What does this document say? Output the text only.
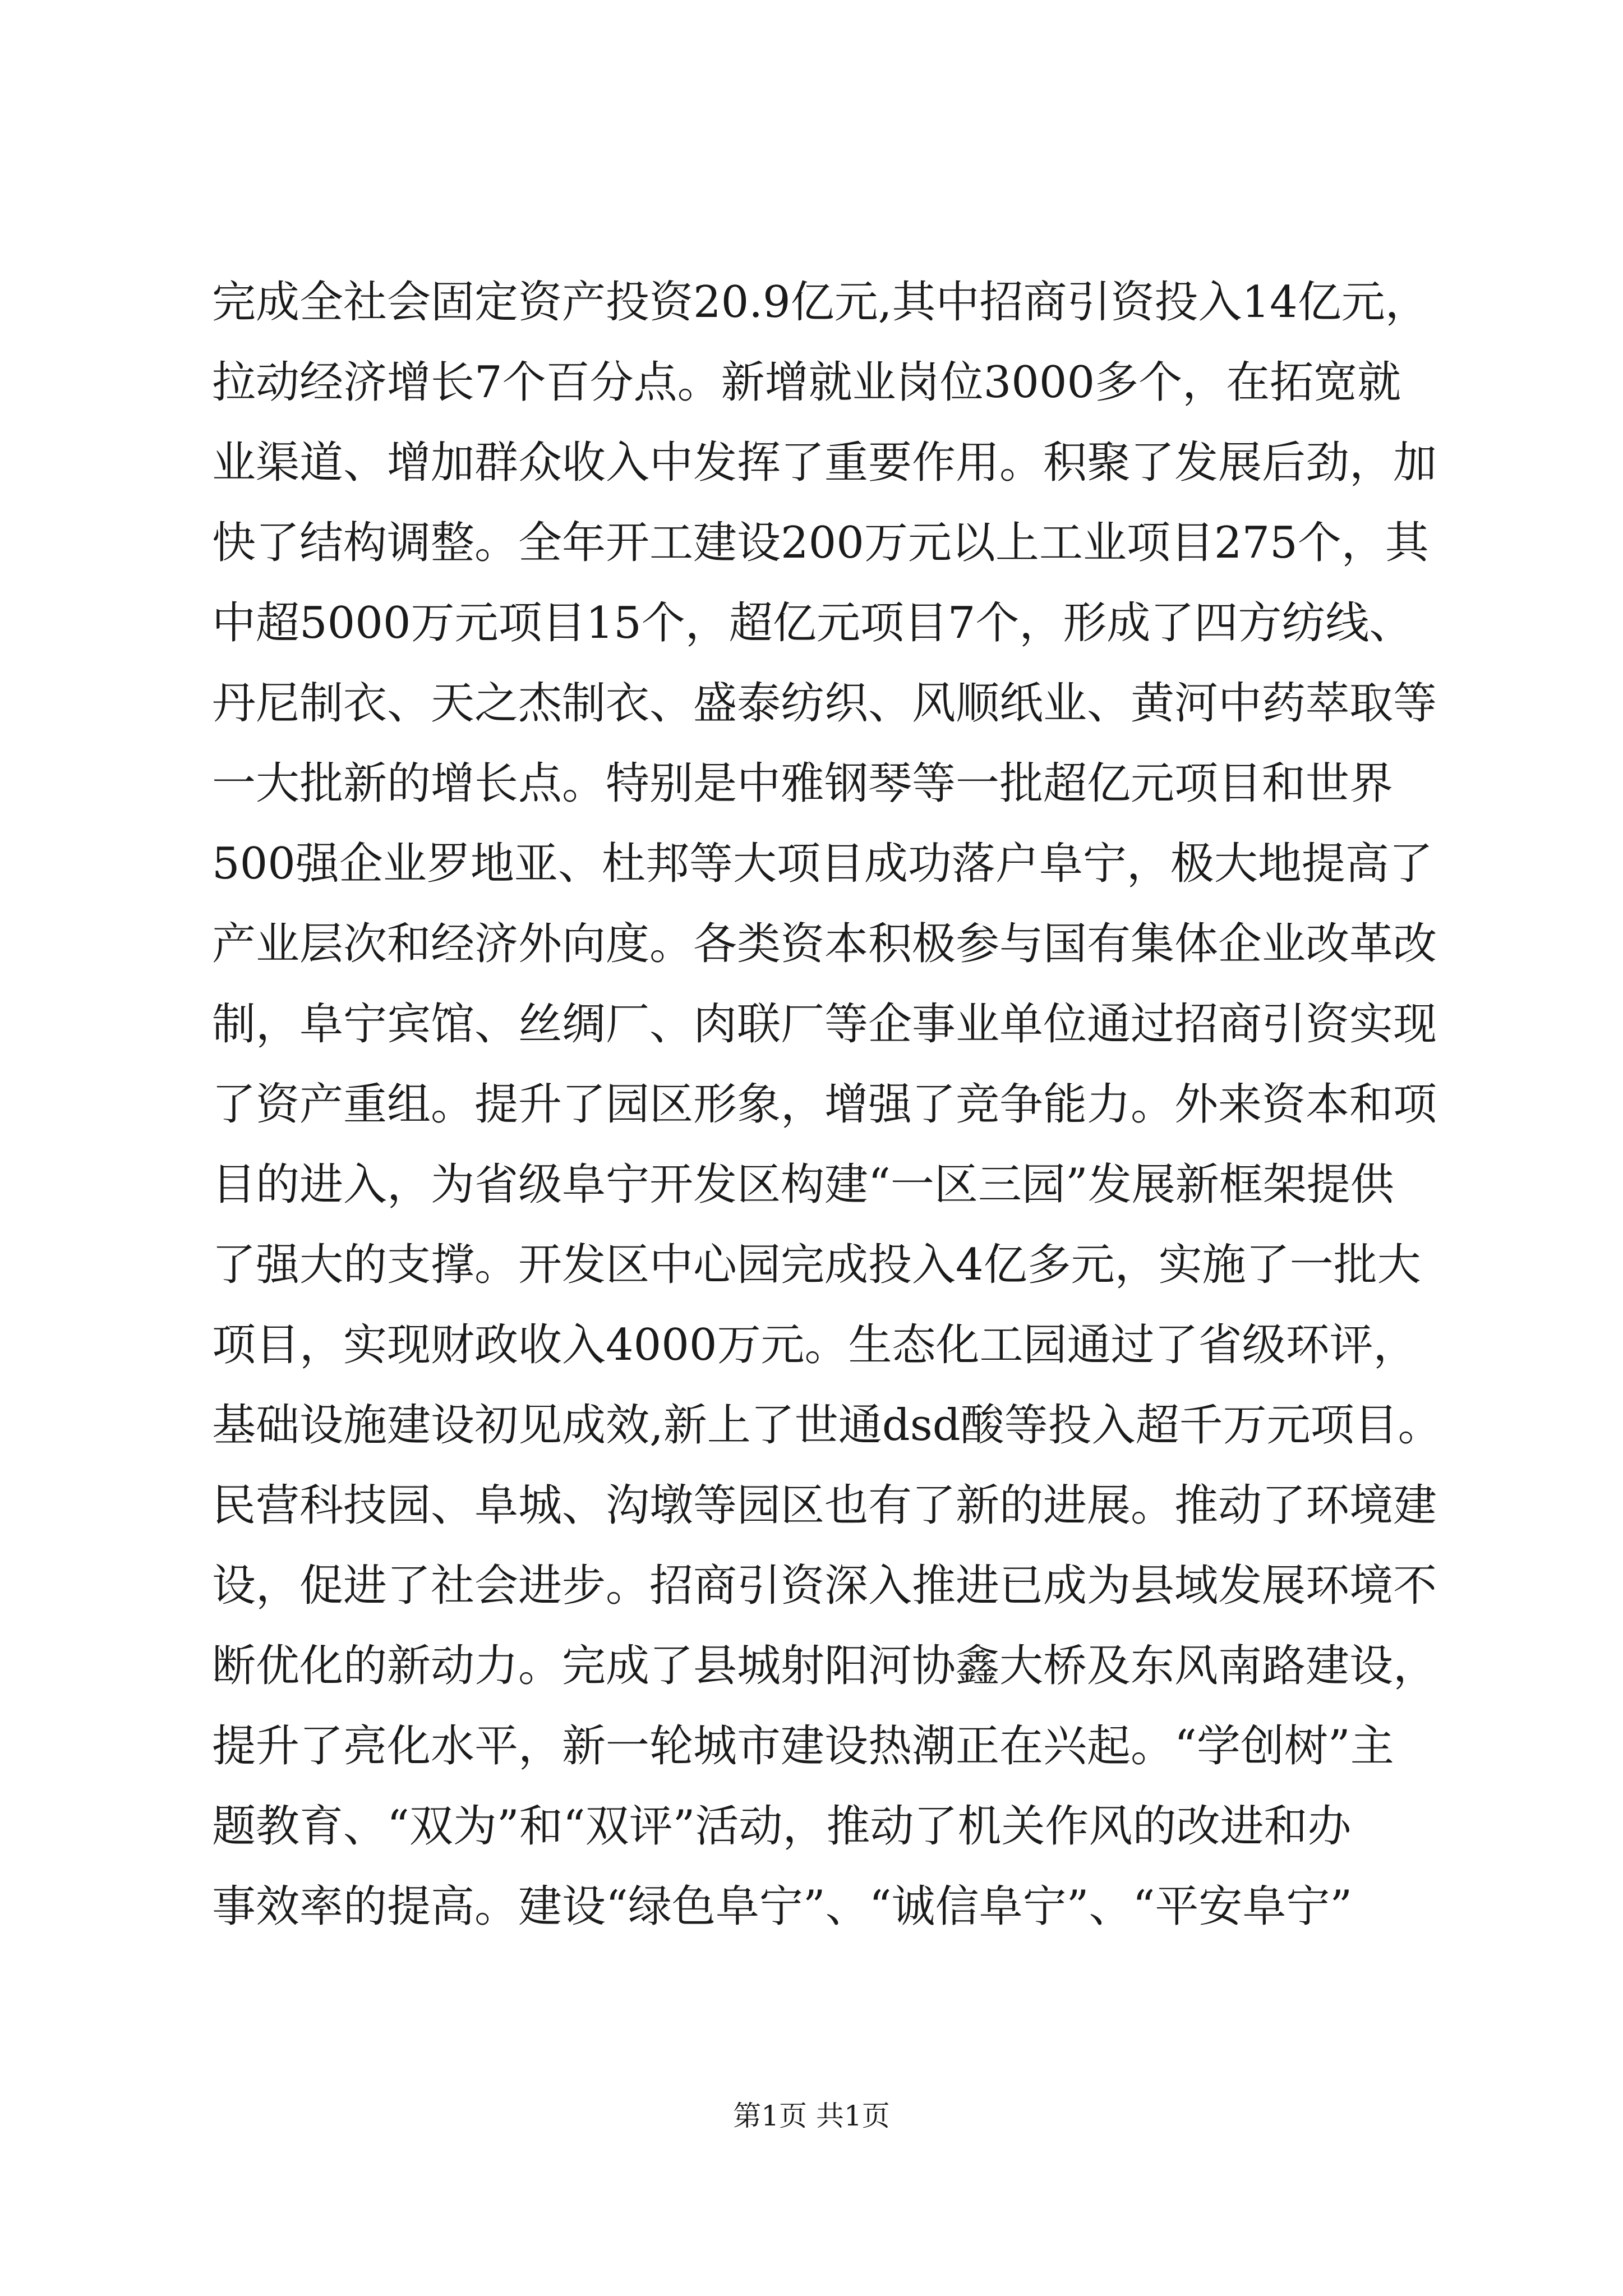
完成全社会固定资产投资20.9亿元,其中招商引资投入14亿元，
拉动经济增长7个百分点。新增就业岗位3000多个，在拓宽就
业渠道、增加群众收入中发挥了重要作用。积聚了发展后劲，加
快了结构调整。全年开工建设200万元以上工业项目275个，其
中超5000万元项目15个，超亿元项目7个，形成了四方纺线、
丹尼制衣、天之杰制衣、盛泰纺织、风顺纸业、黄河中药萃取等
一大批新的增长点。特别是中雅钢琴等一批超亿元项目和世界
500强企业罗地亚、杜邦等大项目成功落户阜宁，极大地提高了
产业层次和经济外向度。各类资本积极参与国有集体企业改革改
制，阜宁宾馆、丝绸厂、肉联厂等企事业单位通过招商引资实现
了资产重组。提升了园区形象，增强了竞争能力。外来资本和项
目的进入，为省级阜宁开发区构建“一区三园”发展新框架提供
了强大的支撑。开发区中心园完成投入4亿多元，实施了一批大
项目，实现财政收入4000万元。生态化工园通过了省级环评，
基础设施建设初见成效,新上了世通dsd酸等投入超千万元项目。
民营科技园、阜城、沟墩等园区也有了新的进展。推动了环境建
设，促进了社会进步。招商引资深入推进已成为县域发展环境不
断优化的新动力。完成了县城射阳河协鑫大桥及东风南路建设，
提升了亮化水平，新一轮城市建设热潮正在兴起。“学创树”主
题教育、“双为”和“双评”活动，推动了机关作风的改进和办
事效率的提高。建设“绿色阜宁”、“诚信阜宁”、“平安阜宁”
第1页 共1页
